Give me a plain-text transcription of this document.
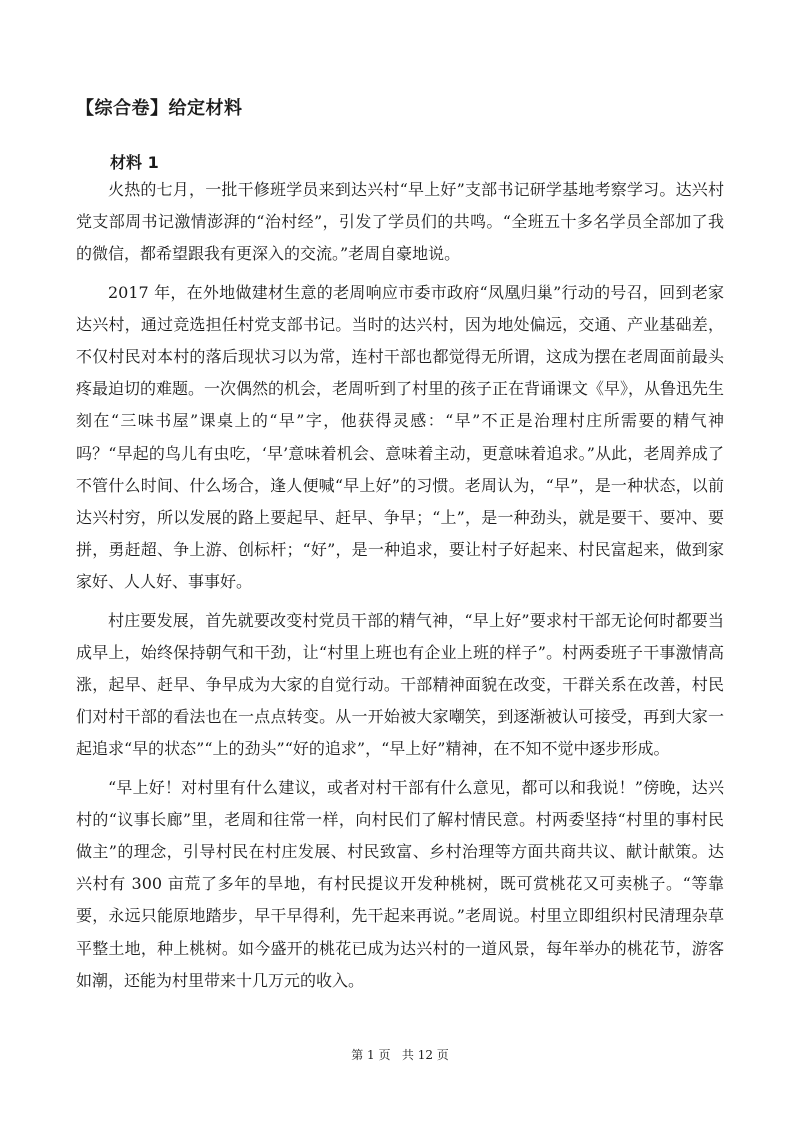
【综合卷】给定材料
材料 1

火热的七月，一批干修班学员来到达兴村“早上好”支部书记研学基地考察学习。达兴村党支部周书记激情澎湃的“治村经”，引发了学员们的共鸣。“全班五十多名学员全部加了我的微信，都希望跟我有更深入的交流。”老周自豪地说。

2017 年，在外地做建材生意的老周响应市委市政府“凤凰归巢”行动的号召，回到老家达兴村，通过竞选担任村党支部书记。当时的达兴村，因为地处偏远，交通、产业基础差，不仅村民对本村的落后现状习以为常，连村干部也都觉得无所谓，这成为摆在老周面前最头疼最迫切的难题。一次偶然的机会，老周听到了村里的孩子正在背诵课文《早》，从鲁迅先生刻在“三味书屋”课桌上的“早”字，他获得灵感：“早”不正是治理村庄所需要的精气神吗？“早起的鸟儿有虫吃，‘早’意味着机会、意味着主动，更意味着追求。”从此，老周养成了不管什么时间、什么场合，逢人便喊“早上好”的习惯。老周认为，“早”，是一种状态，以前达兴村穷，所以发展的路上要起早、赶早、争早；“上”，是一种劲头，就是要干、要冲、要拼，勇赶超、争上游、创标杆；“好”，是一种追求，要让村子好起来、村民富起来，做到家家好、人人好、事事好。

村庄要发展，首先就要改变村党员干部的精气神，“早上好”要求村干部无论何时都要当成早上，始终保持朝气和干劲，让“村里上班也有企业上班的样子”。村两委班子干事激情高涨，起早、赶早、争早成为大家的自觉行动。干部精神面貌在改变，干群关系在改善，村民们对村干部的看法也在一点点转变。从一开始被大家嘲笑，到逐渐被认可接受，再到大家一起追求“早的状态”“上的劲头”“好的追求”，“早上好”精神，在不知不觉中逐步形成。

“早上好！对村里有什么建议，或者对村干部有什么意见，都可以和我说！”傍晚，达兴村的“议事长廊”里，老周和往常一样，向村民们了解村情民意。村两委坚持“村里的事村民做主”的理念，引导村民在村庄发展、村民致富、乡村治理等方面共商共议、献计献策。达兴村有 300 亩荒了多年的旱地，有村民提议开发种桃树，既可赏桃花又可卖桃子。“等靠要，永远只能原地踏步，早干早得利，先干起来再说。”老周说。村里立即组织村民清理杂草平整土地，种上桃树。如今盛开的桃花已成为达兴村的一道风景，每年举办的桃花节，游客如潮，还能为村里带来十几万元的收入。

第 1 页 共 12 页
